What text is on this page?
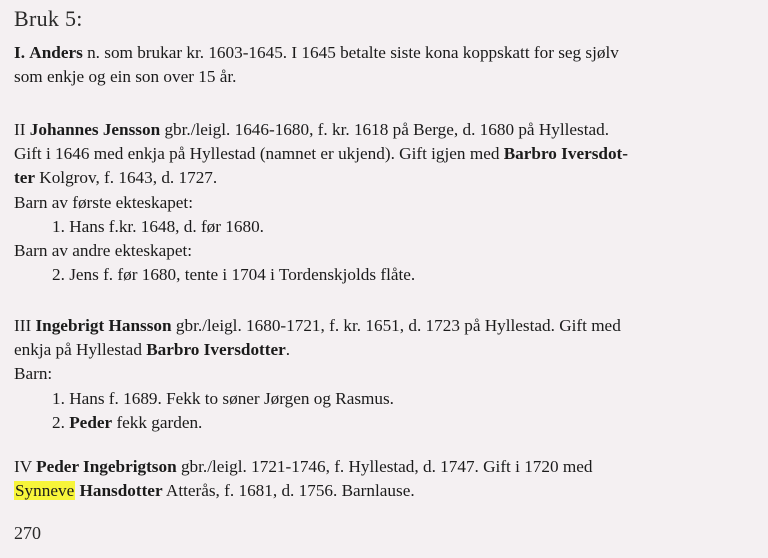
Bruk 5:
I. Anders n. som brukar kr. 1603-1645. I 1645 betalte siste kona koppskatt for seg sjølv
som enkje og ein son over 15 år.
II Johannes Jensson gbr./leigl. 1646-1680, f. kr. 1618 på Berge, d. 1680 på Hyllestad.
Gift i 1646 med enkja på Hyllestad (namnet er ukjend). Gift igjen med Barbro Iversdot-
ter Kolgrov, f. 1643, d. 1727.
Barn av første ekteskapet:
1. Hans f.kr. 1648, d. før 1680.
Barn av andre ekteskapet:
2. Jens f. før 1680, tente i 1704 i Tordenskjolds flåte.
III Ingebrigt Hansson gbr./leigl. 1680-1721, f. kr. 1651, d. 1723 på Hyllestad. Gift med
enkja på Hyllestad Barbro Iversdotter.
Barn:
1. Hans f. 1689. Fekk to søner Jørgen og Rasmus.
2. Peder fekk garden.
IV Peder Ingebrigtson gbr./leigl. 1721-1746, f. Hyllestad, d. 1747. Gift i 1720 med
Synneve Hansdotter Atterås, f. 1681, d. 1756. Barnlause.
270
